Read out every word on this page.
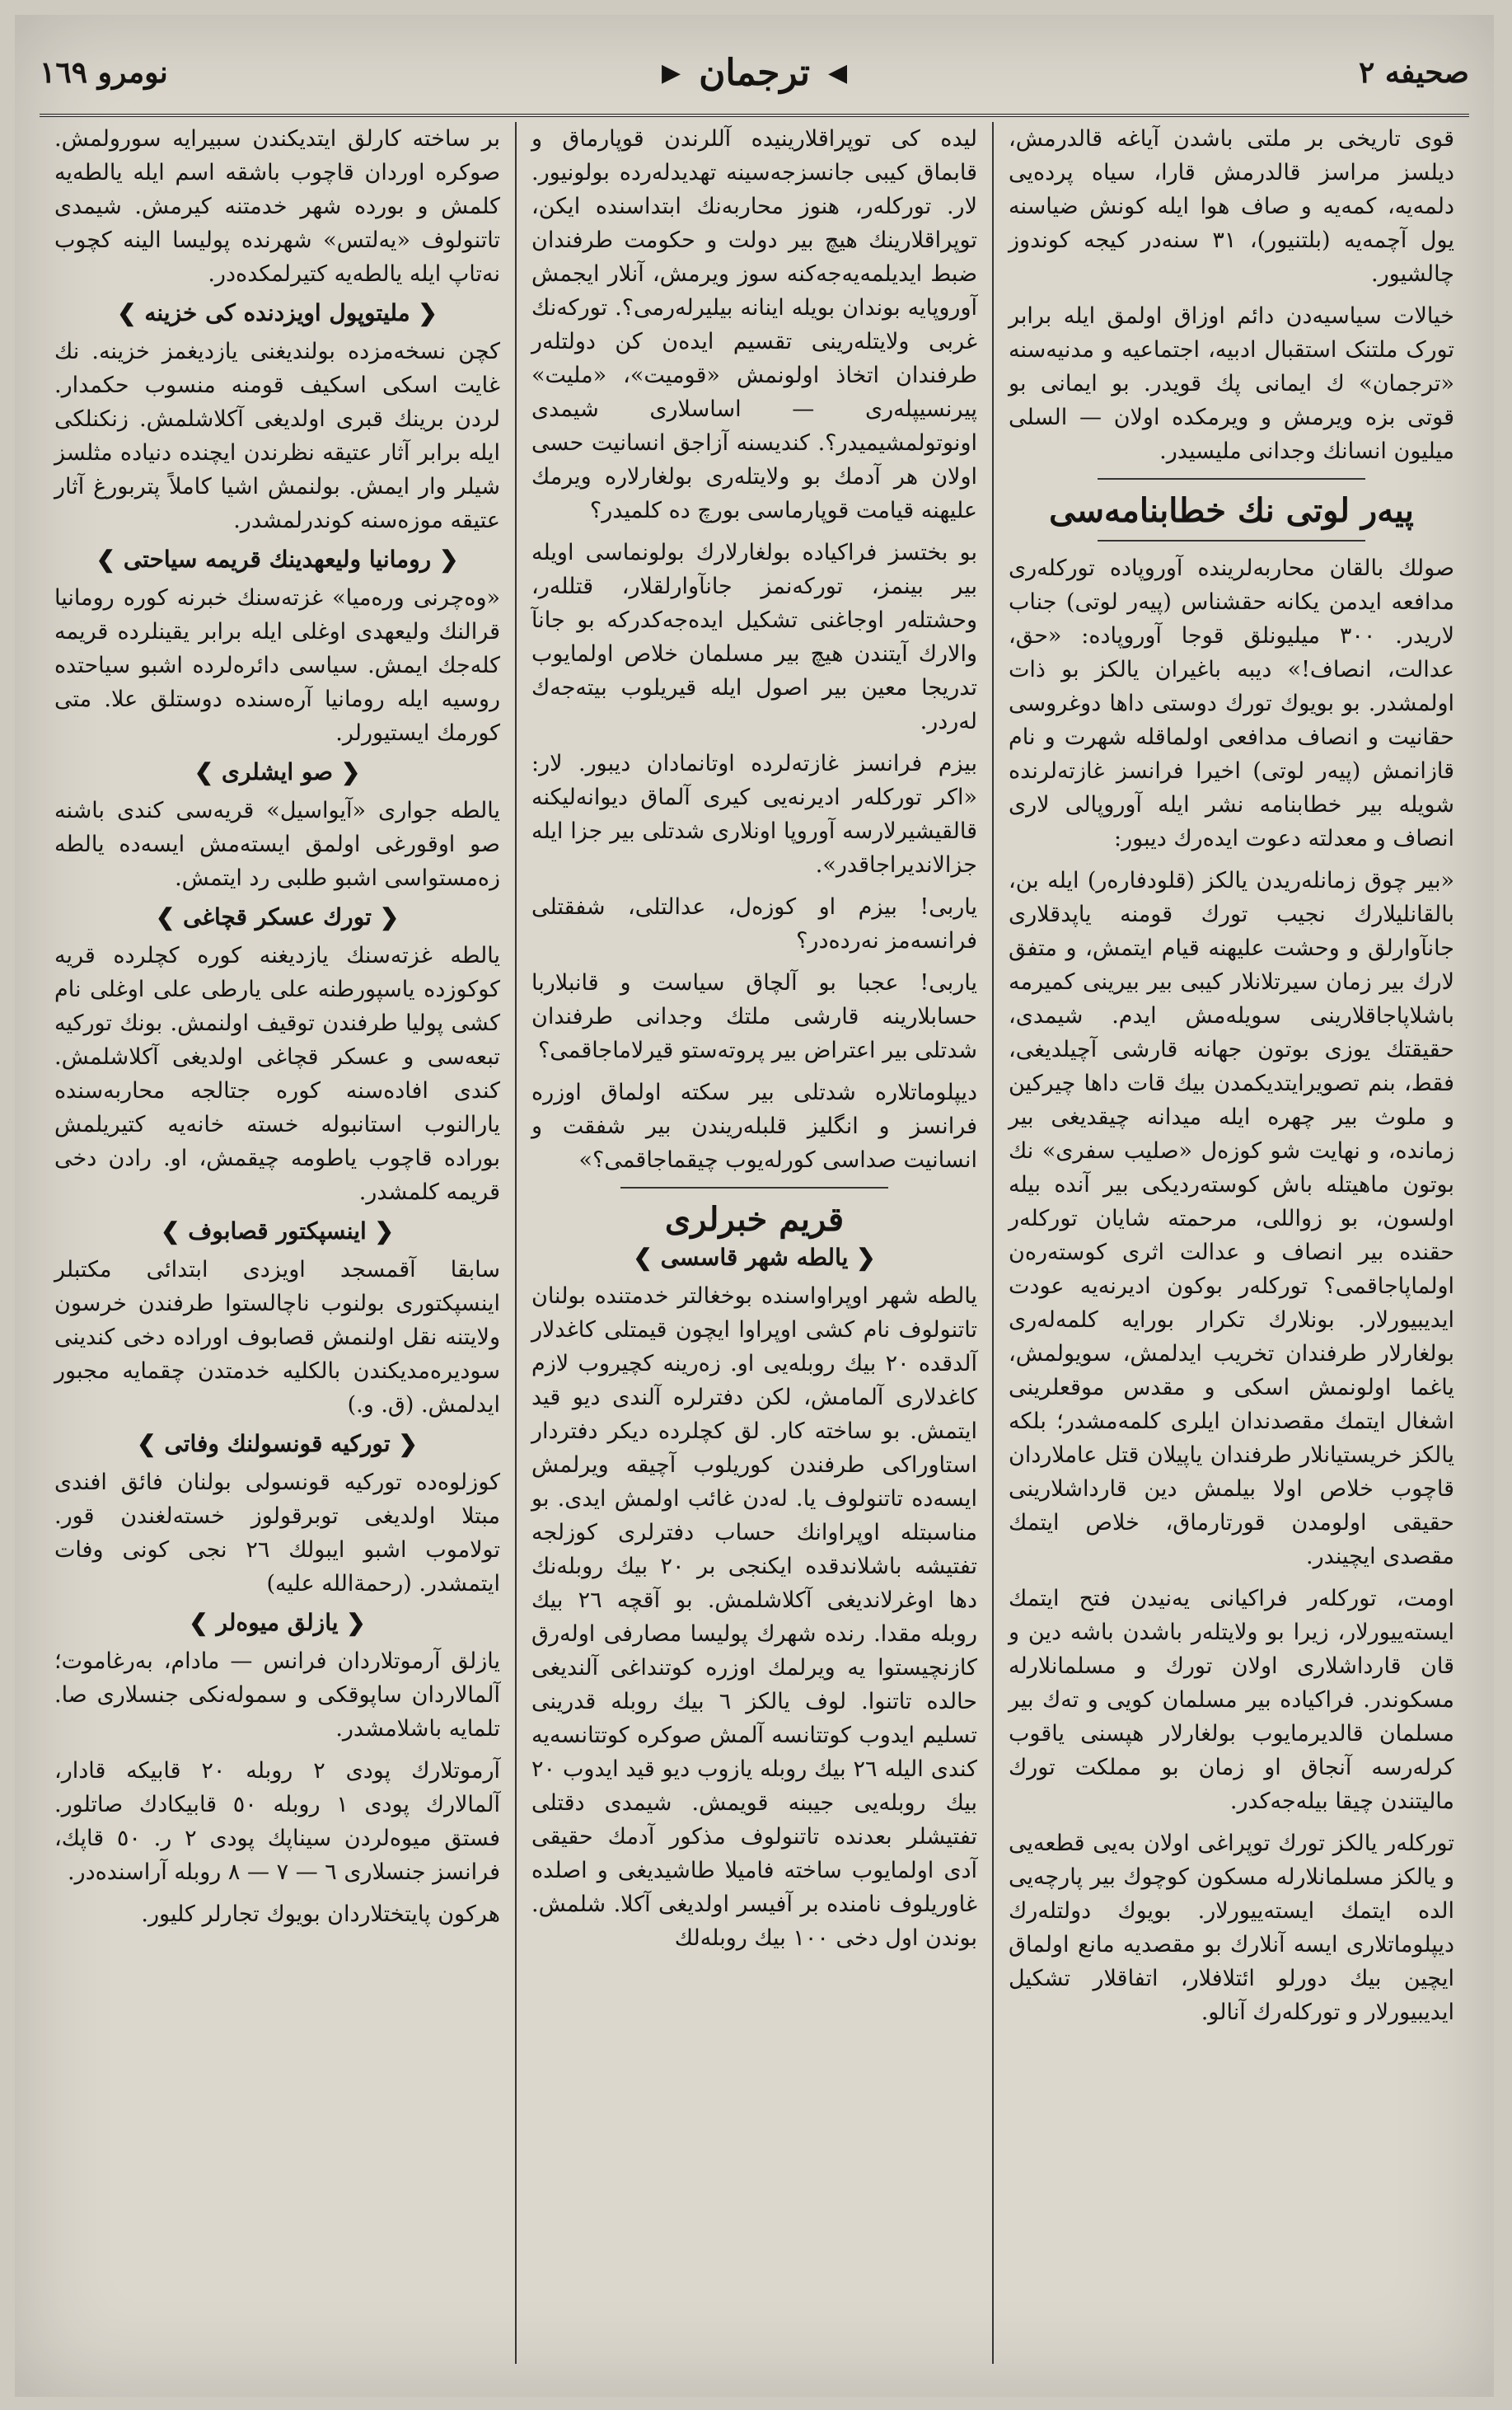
صحيفه ٢
◀
ترجمان
▶
نومرو ١٦٩

قوى تاريخى بر ملتى باشدن آياغه قالدرمش، دیلسز مراسز قالدرمش قارا، سیاه پردەیی دلمەیه، کمەیه و صاف هوا ایله کونش ضیاسنه یول آچمەیه (بلتنيور)، ٣١ سنەدر کیجه کوندوز چالشیور.

خیالات سیاسیەدن دائم اوزاق اولمق ایله برابر تورک ملتنک استقبال ادبیه، اجتماعیه و مدنیەسنه «ترجمان» ك ایمانی پك قویدر. بو ایمانی بو قوتی بزه ویرمش و ویرمکده اولان — السلی میلیون انسانك وجدانی ملیسیدر.

پیەر لوتی نك خطابنامەسی

صولك بالقان محاربەلرینده آوروپاده تورکلەری مدافعه ایدمن یکانه حقشناس (پیەر لوتی) جناب لاریدر. ٣٠٠ میلیونلق قوجا آوروپاده: «حق، عدالت، انصاف!» دیبه باغیران یالکز بو ذات اولمشدر. بو بویوك تورك دوستی داها دوغروسی حقانیت و انصاف مدافعی اولماقله شهرت و نام قازانمش (پیەر لوتی) اخیرا فرانسز غازتەلرنده شویله بیر خطابنامه نشر ایله آوروپالی لاری انصاف و معدلته دعوت ایدەرك دیبور:

«بیر چوق زمانلەریدن یالکز (قلودفارەر) ایله بن، بالقانلیلارك نجیب تورك قومنه یاپدقلاری جانآوارلق و وحشت علیهنه قیام ایتمش، و متفق لارك بیر زمان سیرتلانلار کیبی بیر بیرینی کمیرمه باشلاپاجاقلارینی سویلەمش ایدم. شیمدی، حقیقتك یوزی بوتون جهانه قارشی آچیلدیغی، فقط، بنم تصویرایتدیکمدن بیك قات داها چیرکین و ملوث بیر چهره ایله میدانه چیقدیغی بیر زمانده، و نهایت شو کوزەل «صلیب سفری» نك بوتون ماهیتله باش کوستەردیکی بیر آنده بیله اولسون، بو زواللی، مرحمته شایان تورکلەر حقنده بیر انصاف و عدالت اثری کوستەرەن اولماپاجاقمی؟ تورکلەر بوکون ادیرنەیه عودت ایدیبیورلار. بونلارك تکرار بورایه کلمەلەری بولغارلار طرفندان تخریب ایدلمش، سویولمش، یاغما اولونمش اسکی و مقدس موقعلرینی اشغال ایتمك مقصدندان ایلری کلمەمشدر؛ بلکه یالکز خریستیانلار طرفندان یاپیلان قتل عاملاردان قاچوب خلاص اولا بیلمش دین قارداشلارینی حقیقی اولومدن قورتارماق، خلاص ایتمك مقصدی ایچیندر.

اومت، تورکلەر فراکیانی یەنیدن فتح ایتمك ایستەییورلار، زیرا بو ولایتلەر باشدن باشه دین و قان قارداشلاری اولان تورك و مسلمانلارله مسکوندر. فراکیاده بیر مسلمان کویی و تەك بیر مسلمان قالدیرمایوب بولغارلار هپسنی یاقوب کرلەرسه آنجاق او زمان بو مملکت تورك مالیتندن چیقا بیلەجەکدر.

تورکلەر یالکز تورك توپراغی اولان بەیی قطعەیی و یالکز مسلمانلارله مسکون کوچوك بیر پارچه‌یی الده ایتمك ایستەییورلار. بویوك دولتلەرك دیپلوماتلاری ایسه آنلارك بو مقصدیه مانع اولماق ایچین بیك دورلو ائتلافلار، اتفاقلار تشکیل ایدیبیورلار و تورکلەرك آنالو.

لیده کی توپراقلارینیده آللرندن قوپارماق و قابماق کیبی جانسزجەسینه تهدیدلەرده بولونیور. لار. تورکلەر، هنوز محاربەنك ابتداسنده ایکن، توپراقلارینك هیچ بیر دولت و حکومت طرفندان ضبط ایدیلمەیەجەکنه سوز ویرمش، آنلار ایجمش آوروپایه بوندان بویله اینانه بیلیرلەرمی؟. تورکەنك غربی ولایتلەرینی تقسیم ایدەن کن دولتلەر طرفندان اتخاذ اولونمش «قومیت»، «ملیت» پیرنسیپلەری — اساسلاری شیمدی اونوتولمشیمیدر؟. کندیسنه آزاجق انسانیت حسی اولان هر آدمك بو ولایتلەری بولغارلاره ویرمك علیهنه قیامت قوپارماسی بورچ ده کلمیدر؟

بو بختسز فراکیاده بولغارلارك بولونماسی اویله بیر بینمز، تورکەنمز جانآوارلقلار، قتللەر، وحشتلەر اوجاغنی تشکیل ایدەجەکدرکه بو جانآ والارك آیتندن هیچ بیر مسلمان خلاص اولمایوب تدریجا معین بیر اصول ایله قیریلوب بیتەجەك لەردر.

بیزم فرانسز غازتەلرده اوتانمادان دیبور. لار: «اکر تورکلەر ادیرنەیی کیری آلماق دیوانەلیکنه قالقیشیرلارسه آوروپا اونلاری شدتلی بیر جزا ایله جزالاندیراجاقدر».

یاربی! بیزم او کوزەل، عدالتلی، شفقتلی فرانسەمز نەردەدر؟

یاربی! عجبا بو آلچاق سیاست و قانبلاربا حسابلارینه قارشی ملتك وجدانی طرفندان شدتلی بیر اعتراض بیر پروتەستو قیرلاماجاقمی؟

دیپلوماتلاره شدتلی بیر سکته اولماق اوزره فرانسز و انگلیز قلبلەریندن بیر شفقت و انسانیت صداسی کورلەیوب چیقماجاقمی؟»

قریم خبرلری
❮ یالطه شهر قاسسی ❯

یالطه شهر اوپراواسنده بوخغالتر خدمتنده بولنان تاتنولوف نام کشی اوپراوا ایچون قیمتلی کاغدلار آلدقده ٢٠ بیك روبلەیی او. زەرینه کچیروب لازم کاغدلاری آلمامش، لکن دفترلره آلندی دیو قید ایتمش. بو ساخته کار. لق کچلرده دیکر دفتردار استاوراکی طرفندن کوریلوب آچیقه ویرلمش ایسەده تاتنولوف یا. لەدن غائب اولمش ایدی. بو مناسبتله اوپراوانك حساب دفترلری کوزلجه تفتیشه باشلاندقده ایکنجی بر ٢٠ بیك روبلەنك دها اوغرلاندیغی آکلاشلمش. بو آقچه ٢٦ بیك روبله مقدا. رنده شهرك پولیسا مصارفی اولەرق کازنچیستوا یه ویرلمك اوزره کوتنداغی آلندیغی حالده تاتنوا. لوف یالکز ٦ بیك روبله قدرینی تسلیم ایدوب کوتتانسه آلمش صوکره کوتتانسەیه کندی الیله ٢٦ بیك روبله یازوب دیو قید ایدوب ٢٠ بیك روبلەیی جیبنه قویمش. شیمدی دقتلی تفتیشلر بعدنده تاتنولوف مذکور آدمك حقیقی آدی اولمایوب ساخته فامیلا طاشیدیغی و اصلده غاوریلوف نامنده بر آفیسر اولدیغی آکلا. شلمش. بوندن اول دخی ١٠٠ بیك روبلەلك

بر ساخته کارلق ایتدیکندن سبیرایه سورولمش. صوکره اوردان قاچوب باشقه اسم ایله یالطەیه کلمش و بورده شهر خدمتنه کیرمش. شیمدی تاتنولوف «یەلتس» شهرنده پولیسا الینه کچوب نەتاپ ایله یالطەیه کتیرلمکدەدر.

❮ ملیتوپول اویزدنده کی خزینه ❯

کچن نسخەمزده بولندیغنی یازدیغمز خزینه. نك غایت اسکی اسکیف قومنه منسوب حکمدار. لردن برینك قبری اولدیغی آکلاشلمش. زنکنلکی ایله برابر آثار عتیقه نظرندن ایچنده دنیاده مثلسز شیلر وار ایمش. بولنمش اشیا کاملاً پتربورغ آثار عتیقه موزەسنه کوندرلمشدر.

❮ رومانیا ولیعهدینك قریمه سیاحتی ❯

«وەچرنی ورەمیا» غزتەسنك خبرنه کوره رومانیا قرالنك ولیعهدی اوغلی ایله برابر یقینلرده قریمه کلەجك ایمش. سیاسی دائرەلرده اشبو سیاحتده روسیه ایله رومانیا آرەسنده دوستلق علا. متی کورمك ایستیورلر.

❮ صو ایشلری ❯

یالطه جواری «آیواسیل» قریەسی کندی باشنه صو اوقورغی اولمق ایستەمش ایسەده یالطه زەمستواسی اشبو طلبی رد ایتمش.

❮ تورك عسکر قچاغی ❯

یالطه غزتەسنك یازدیغنه کوره کچلرده قریه کوکوزده یاسپورطنه علی یارطی علی اوغلی نام کشی پولیا طرفندن توقیف اولنمش. بونك تورکیه تبعەسی و عسکر قچاغی اولدیغی آکلاشلمش. کندی افادەسنه کوره جتالجه محاربەسنده یارالنوب استانبوله خسته خانەیه کتیریلمش بوراده قاچوب یاطومه چیقمش، او. رادن دخی قریمه کلمشدر.

❮ اینسپکتور قصابوف ❯

سابقا آقمسجد اویزدی ابتدائی مکتبلر اینسپکتوری بولنوب ناچالستوا طرفندن خرسون ولایتنه نقل اولنمش قصابوف اوراده دخی کندینی سودیرەمدیکندن بالکلیه خدمتدن چقمایه مجبور ایدلمش. (ق. و.)

❮ تورکیه قونسولنك وفاتی ❯

کوزلوەده تورکیه قونسولی بولنان فائق افندی مبتلا اولدیغی توبرقولوز خستەلغندن قور. تولاموب اشبو ایبولك ٢٦ نجی کونی وفات ایتمشدر. (رحمةالله علیه)

❮ یازلق میوەلر ❯

یازلق آرموتلاردان فرانس — مادام، بەرغاموت؛ آلمالاردان ساپوقکی و سمولەنکی جنسلاری صا. تلمایه باشلامشدر.

آرموتلارك پودی ٢ روبله ٢٠ قابیکه قادار، آلمالارك پودی ١ روبله ٥٠ قابیکادك صاتلور. فستق میوەلردن سیناپك پودی ٢ ر. ٥٠ قاپك، فرانسز جنسلاری ٦ — ٧ — ٨ روبله آراسندەدر.

هرکون پایتختلاردان بویوك تجارلر کلیور.
